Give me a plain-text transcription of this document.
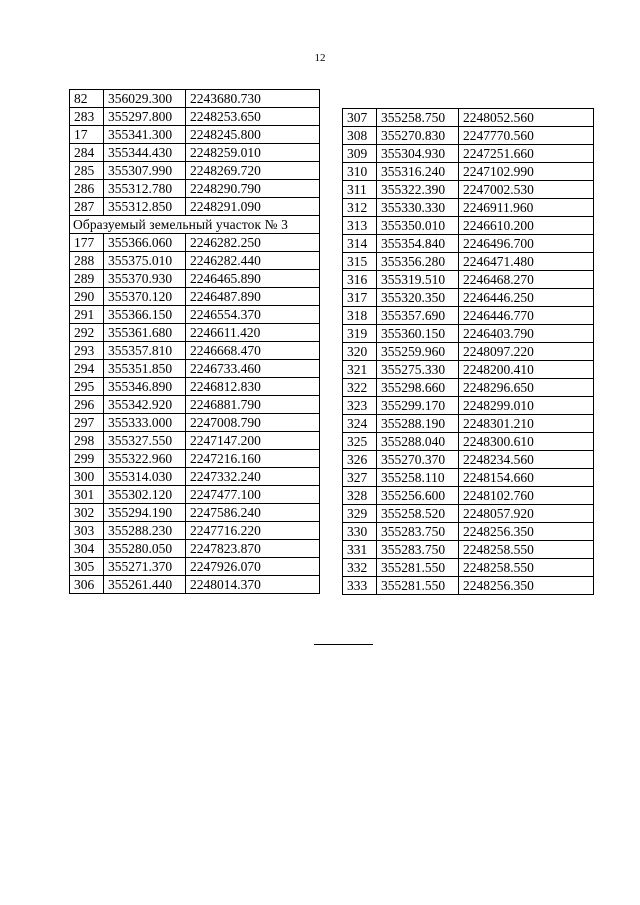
12
82	356029.300	2243680.730
283	355297.800	2248253.650
17	355341.300	2248245.800
284	355344.430	2248259.010
285	355307.990	2248269.720
286	355312.780	2248290.790
287	355312.850	2248291.090
Образуемый земельный участок № 3		
177	355366.060	2246282.250
288	355375.010	2246282.440
289	355370.930	2246465.890
290	355370.120	2246487.890
291	355366.150	2246554.370
292	355361.680	2246611.420
293	355357.810	2246668.470
294	355351.850	2246733.460
295	355346.890	2246812.830
296	355342.920	2246881.790
297	355333.000	2247008.790
298	355327.550	2247147.200
299	355322.960	2247216.160
300	355314.030	2247332.240
301	355302.120	2247477.100
302	355294.190	2247586.240
303	355288.230	2247716.220
304	355280.050	2247823.870
305	355271.370	2247926.070
306	355261.440	2248014.370
307	355258.750	2248052.560
308	355270.830	2247770.560
309	355304.930	2247251.660
310	355316.240	2247102.990
311	355322.390	2247002.530
312	355330.330	2246911.960
313	355350.010	2246610.200
314	355354.840	2246496.700
315	355356.280	2246471.480
316	355319.510	2246468.270
317	355320.350	2246446.250
318	355357.690	2246446.770
319	355360.150	2246403.790
320	355259.960	2248097.220
321	355275.330	2248200.410
322	355298.660	2248296.650
323	355299.170	2248299.010
324	355288.190	2248301.210
325	355288.040	2248300.610
326	355270.370	2248234.560
327	355258.110	2248154.660
328	355256.600	2248102.760
329	355258.520	2248057.920
330	355283.750	2248256.350
331	355283.750	2248258.550
332	355281.550	2248258.550
333	355281.550	2248256.350
